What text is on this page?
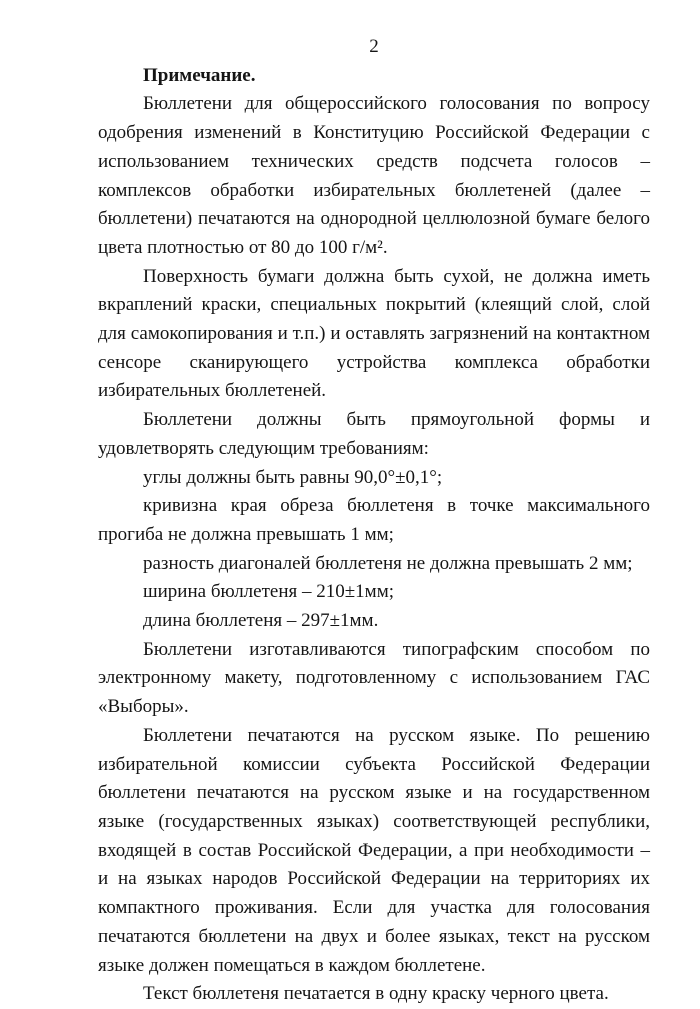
2

Примечание.

Бюллетени для общероссийского голосования по вопросу одобрения изменений в Конституцию Российской Федерации с использованием технических средств подсчета голосов – комплексов обработки избирательных бюллетеней (далее – бюллетени) печатаются на однородной целлюлозной бумаге белого цвета плотностью от 80 до 100 г/м².

Поверхность бумаги должна быть сухой, не должна иметь вкраплений краски, специальных покрытий (клеящий слой, слой для самокопирования и т.п.) и оставлять загрязнений на контактном сенсоре сканирующего устройства комплекса обработки избирательных бюллетеней.

Бюллетени должны быть прямоугольной формы и удовлетворять следующим требованиям:

углы должны быть равны 90,0°±0,1°;

кривизна края обреза бюллетеня в точке максимального прогиба не должна превышать 1 мм;

разность диагоналей бюллетеня не должна превышать 2 мм;

ширина бюллетеня – 210±1мм;

длина бюллетеня – 297±1мм.

Бюллетени изготавливаются типографским способом по электронному макету, подготовленному с использованием ГАС «Выборы».

Бюллетени печатаются на русском языке. По решению избирательной комиссии субъекта Российской Федерации бюллетени печатаются на русском языке и на государственном языке (государственных языках) соответствующей республики, входящей в состав Российской Федерации, а при необходимости – и на языках народов Российской Федерации на территориях их компактного проживания. Если для участка для голосования печатаются бюллетени на двух и более языках, текст на русском языке должен помещаться в каждом бюллетене.

Текст бюллетеня печатается в одну краску черного цвета.
